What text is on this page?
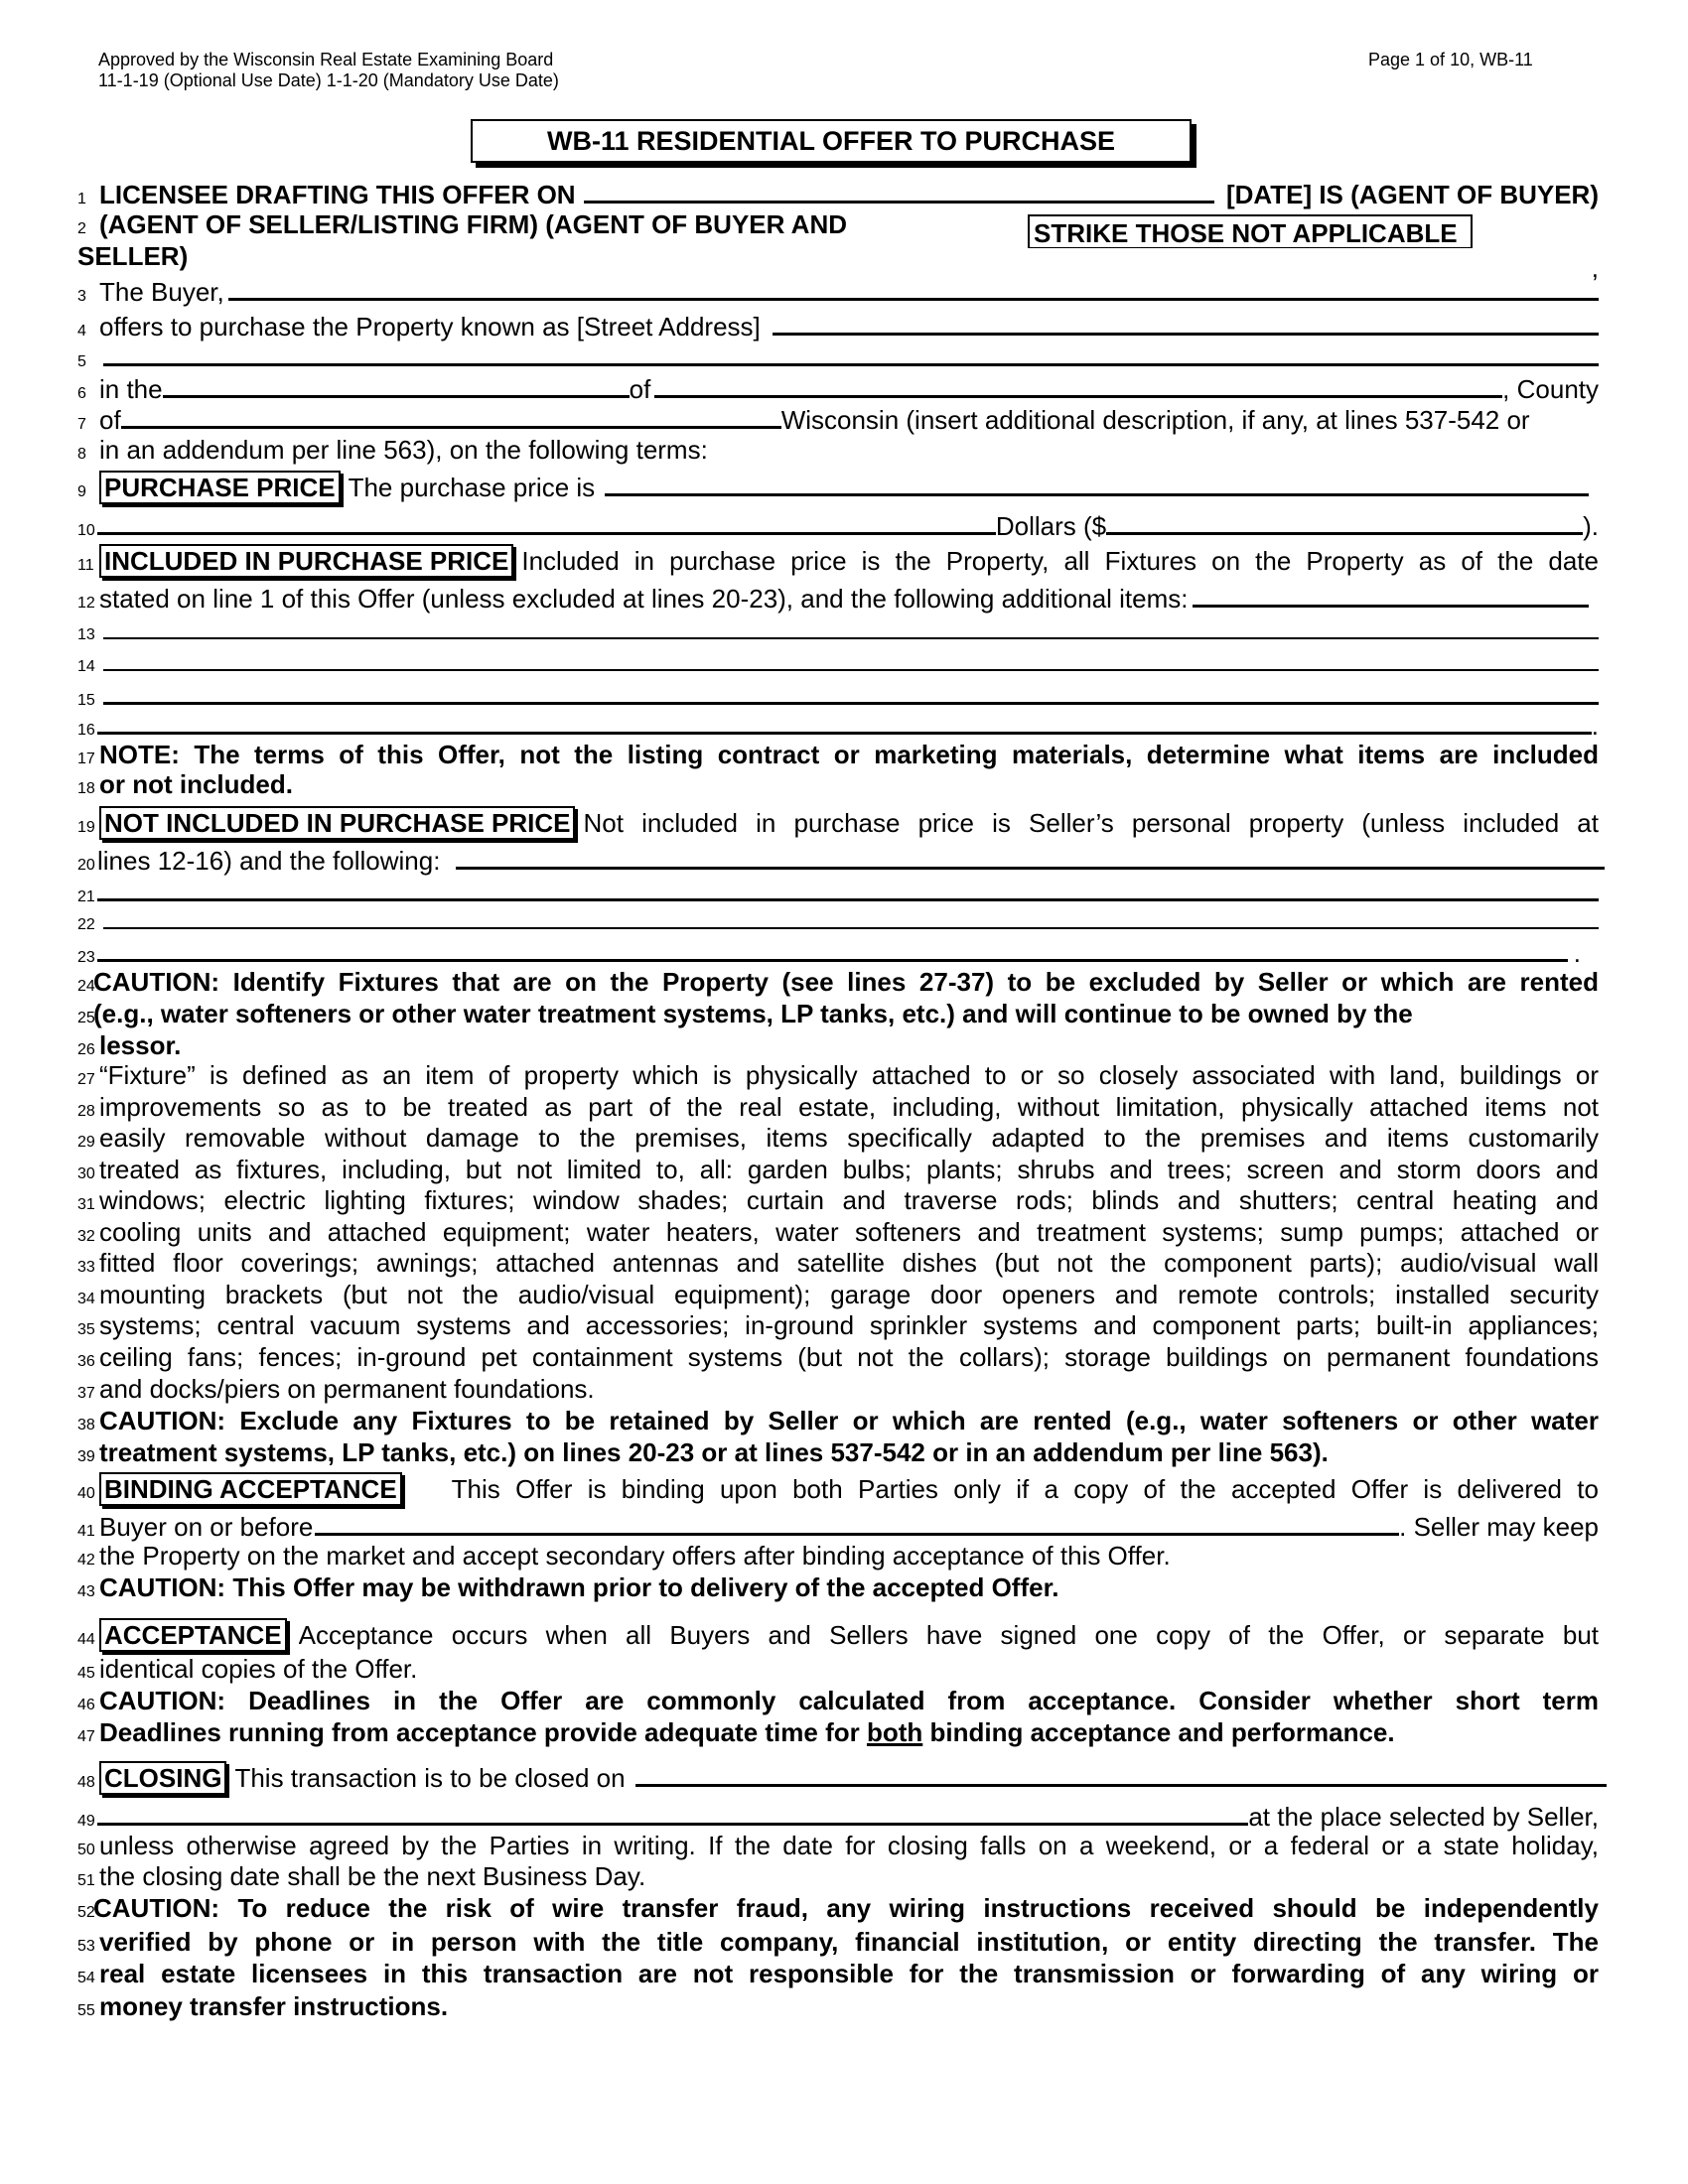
Approved by the Wisconsin Real Estate Examining Board
11-1-19 (Optional Use Date) 1-1-20 (Mandatory Use Date)
Page 1 of 10, WB-11
WB-11 RESIDENTIAL OFFER TO PURCHASE
1 LICENSEE DRAFTING THIS OFFER ON	[DATE] IS (AGENT OF BUYER)
2 (AGENT OF SELLER/LISTING FIRM) (AGENT OF BUYER AND	STRIKE THOSE NOT APPLICABLE
SELLER)	,
3 The Buyer,
4 offers to purchase the Property known as [Street Address]
5
6 in the	of	, County
7 of	Wisconsin (insert additional description, if any, at lines 537-542 or
8 in an addendum per line 563), on the following terms:
9 PURCHASE PRICE The purchase price is
10	Dollars ($	).
11 INCLUDED IN PURCHASE PRICE Included in purchase price is the Property, all Fixtures on the Property as of the date
12 stated on line 1 of this Offer (unless excluded at lines 20-23), and the following additional items:
13
14
15
16	.
17 NOTE: The terms of this Offer, not the listing contract or marketing materials, determine what items are included
18 or not included.
19 NOT INCLUDED IN PURCHASE PRICE Not included in purchase price is Seller’s personal property (unless included at
20 lines 12-16) and the following:
21
22
23	.
24
CAUTION: Identify Fixtures that are on the Property (see lines 27-37) to be excluded by Seller or which are rented
25(e.g., water softeners or other water treatment systems, LP tanks, etc.) and will continue to be owned by the
26 lessor.
27 “Fixture” is defined as an item of property which is physically attached to or so closely associated with land, buildings or
28 improvements so as to be treated as part of the real estate, including, without limitation, physically attached items not
29 easily removable without damage to the premises, items specifically adapted to the premises and items customarily
30 treated as fixtures, including, but not limited to, all: garden bulbs; plants; shrubs and trees; screen and storm doors and
31 windows; electric lighting fixtures; window shades; curtain and traverse rods; blinds and shutters; central heating and
32 cooling units and attached equipment; water heaters, water softeners and treatment systems; sump pumps; attached or
33 fitted floor coverings; awnings; attached antennas and satellite dishes (but not the component parts); audio/visual wall
34 mounting brackets (but not the audio/visual equipment); garage door openers and remote controls; installed security
35 systems; central vacuum systems and accessories; in-ground sprinkler systems and component parts; built-in appliances;
36 ceiling fans; fences; in-ground pet containment systems (but not the collars); storage buildings on permanent foundations
37 and docks/piers on permanent foundations.
38 CAUTION: Exclude any Fixtures to be retained by Seller or which are rented (e.g., water softeners or other water
39 treatment systems, LP tanks, etc.) on lines 20-23 or at lines 537-542 or in an addendum per line 563).
40 BINDING ACCEPTANCE This Offer is binding upon both Parties only if a copy of the accepted Offer is delivered to
41 Buyer on or before	. Seller may keep
42 the Property on the market and accept secondary offers after binding acceptance of this Offer.
43 CAUTION: This Offer may be withdrawn prior to delivery of the accepted Offer.
44 ACCEPTANCE Acceptance occurs when all Buyers and Sellers have signed one copy of the Offer, or separate but
45 identical copies of the Offer.
46 CAUTION: Deadlines in the Offer are commonly calculated from acceptance. Consider whether short term
47 Deadlines running from acceptance provide adequate time for both binding acceptance and performance.
48 CLOSING This transaction is to be closed on
49	at the place selected by Seller,
50 unless otherwise agreed by the Parties in writing. If the date for closing falls on a weekend, or a federal or a state holiday,
51 the closing date shall be the next Business Day.
52
CAUTION: To reduce the risk of wire transfer fraud, any wiring instructions received should be independently
53 verified by phone or in person with the title company, financial institution, or entity directing the transfer. The
54 real estate licensees in this transaction are not responsible for the transmission or forwarding of any wiring or
55 money transfer instructions.
